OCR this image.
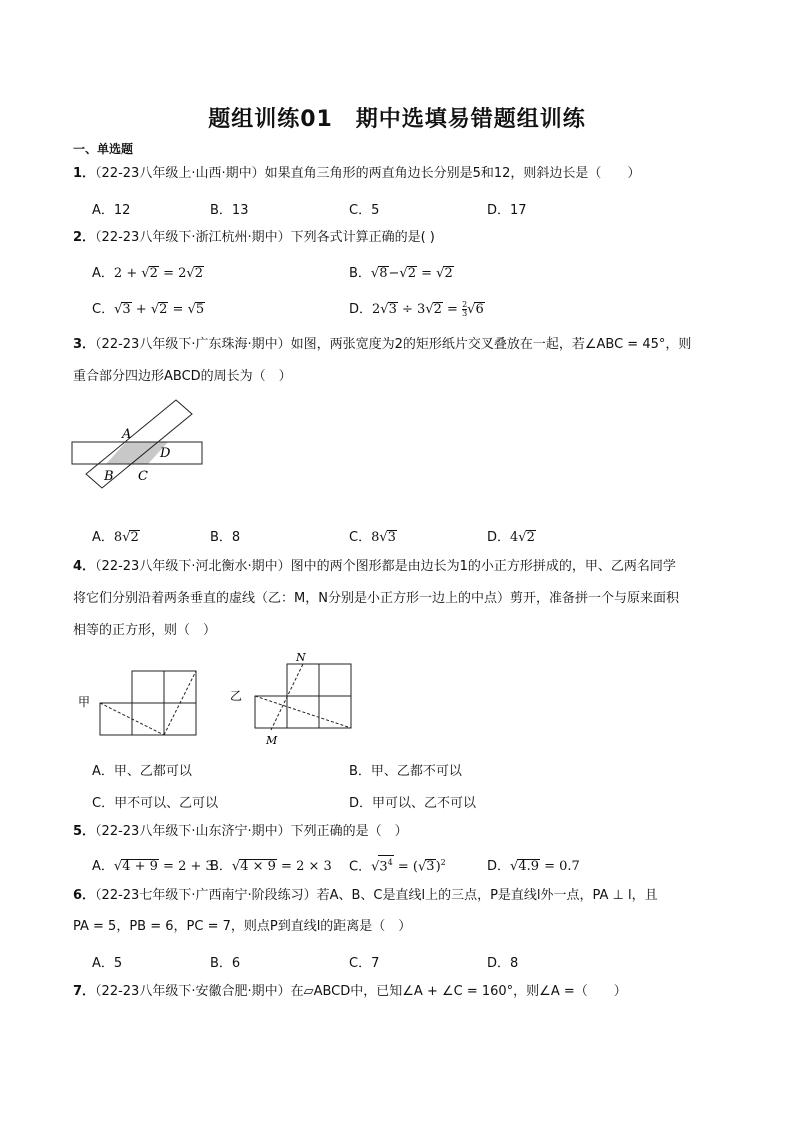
题组训练01　期中选填易错题组训练
一、单选题
1．（22-23八年级上·山西·期中）如果直角三角形的两直角边长分别是5和12，则斜边长是（　　）
A．12	B．13	C．5	D．17
2．（22-23八年级下·浙江杭州·期中）下列各式计算正确的是( )
A．2 + √2 = 2√2	B．√8−√2 = √2
C．√3 + √2 = √5	D．$2√3 \div 3√2 = \frac{2}{3} √6$
3．（22-23八年级下·广东珠海·期中）如图，两张宽度为2的矩形纸片交叉叠放在一起，若∠ABC = 45°，则
重合部分四边形ABCD的周长为（　）
A
B C
D
A．8√2	B．8	C．8√3	D．4√2
4．（22-23八年级下·河北衡水·期中）图中的两个图形都是由边长为1的小正方形拼成的，甲、乙两名同学
将它们分别沿着两条垂直的虚线（乙：M，N分别是小正方形一边上的中点）剪开，准备拼一个与原来面积
相等的正方形，则（　）
甲	乙
N
M
A．甲、乙都可以	B．甲、乙都不可以
C．甲不可以、乙可以	D．甲可以、乙不可以
5．（22-23八年级下·山东济宁·期中）下列正确的是（　）
A．√4 + 9 = 2 + 3
B．√4 × 9 = 2 × 3 C．$√3^4 = (√3)^2$	D．√4.9 = 0.7
6．（22-23七年级下·广西南宁·阶段练习）若A、B、C是直线l上的三点，P是直线l外一点，PA ⊥ l，且
PA = 5，PB = 6，PC = 7，则点P到直线l的距离是（　）
A．5	B．6	C．7	D．8
7．（22-23八年级下·安徽合肥·期中）在▱ABCD中，已知∠A + ∠C = 160°，则∠A =（　　）
